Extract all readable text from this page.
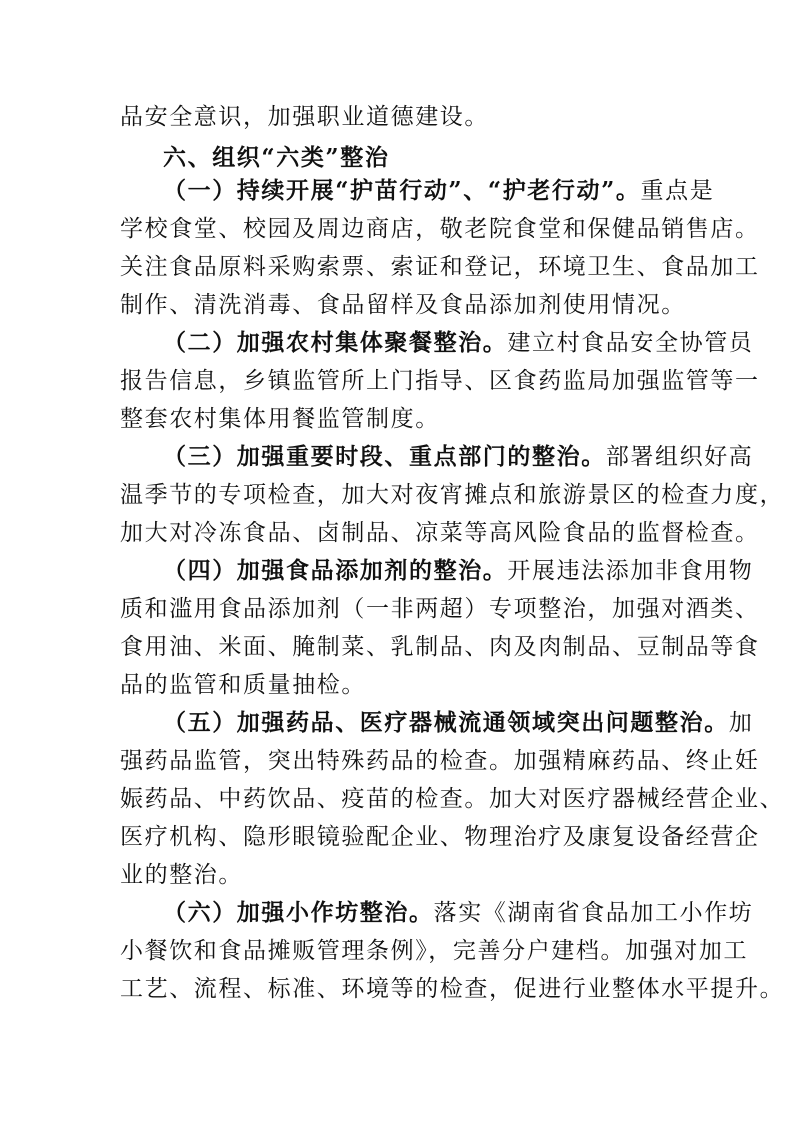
品安全意识，加强职业道德建设。
六、组织“六类”整治
（一）持续开展“护苗行动”、“护老行动”。重点是
学校食堂、校园及周边商店，敬老院食堂和保健品销售店。
关注食品原料采购索票、索证和登记，环境卫生、食品加工
制作、清洗消毒、食品留样及食品添加剂使用情况。
（二）加强农村集体聚餐整治。建立村食品安全协管员
报告信息，乡镇监管所上门指导、区食药监局加强监管等一
整套农村集体用餐监管制度。
（三）加强重要时段、重点部门的整治。部署组织好高
温季节的专项检查，加大对夜宵摊点和旅游景区的检查力度，
加大对冷冻食品、卤制品、凉菜等高风险食品的监督检查。
（四）加强食品添加剂的整治。开展违法添加非食用物
质和滥用食品添加剂（一非两超）专项整治，加强对酒类、
食用油、米面、腌制菜、乳制品、肉及肉制品、豆制品等食
品的监管和质量抽检。
（五）加强药品、医疗器械流通领域突出问题整治。加
强药品监管，突出特殊药品的检查。加强精麻药品、终止妊
娠药品、中药饮品、疫苗的检查。加大对医疗器械经营企业、
医疗机构、隐形眼镜验配企业、物理治疗及康复设备经营企
业的整治。
（六）加强小作坊整治。落实《湖南省食品加工小作坊
小餐饮和食品摊贩管理条例》，完善分户建档。加强对加工
工艺、流程、标准、环境等的检查，促进行业整体水平提升。
